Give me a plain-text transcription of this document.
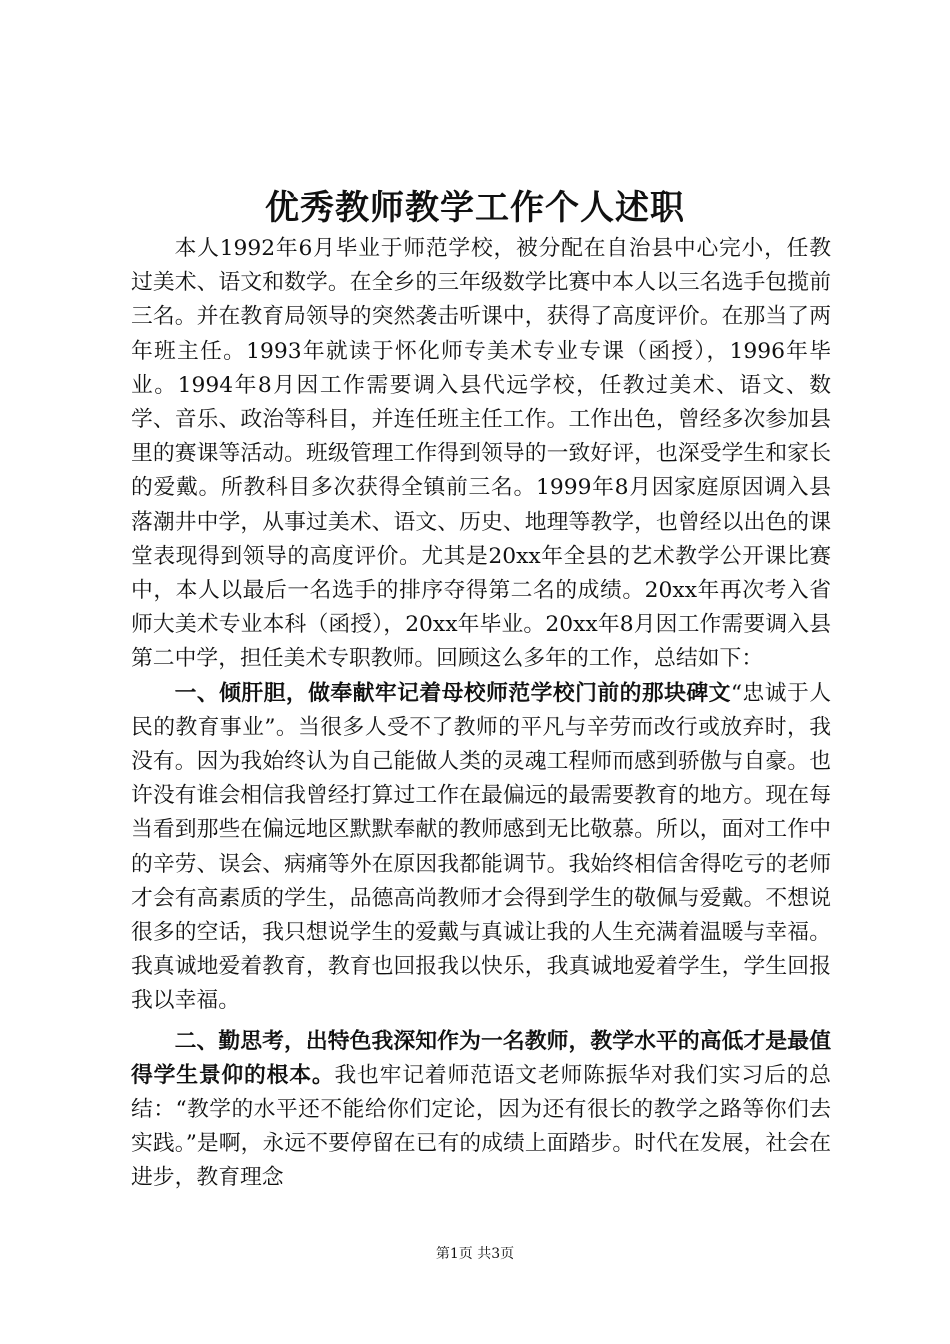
优秀教师教学工作个人述职

本人1992年6月毕业于师范学校，被分配在自治县中心完小，任教过美术、语文和数学。在全乡的三年级数学比赛中本人以三名选手包揽前三名。并在教育局领导的突然袭击听课中，获得了高度评价。在那当了两年班主任。1993年就读于怀化师专美术专业专课（函授），1996年毕业。1994年8月因工作需要调入县代远学校，任教过美术、语文、数学、音乐、政治等科目，并连任班主任工作。工作出色，曾经多次参加县里的赛课等活动。班级管理工作得到领导的一致好评，也深受学生和家长的爱戴。所教科目多次获得全镇前三名。1999年8月因家庭原因调入县落潮井中学，从事过美术、语文、历史、地理等教学，也曾经以出色的课堂表现得到领导的高度评价。尤其是20xx年全县的艺术教学公开课比赛中，本人以最后一名选手的排序夺得第二名的成绩。20xx年再次考入省师大美术专业本科（函授），20xx年毕业。20xx年8月因工作需要调入县第二中学，担任美术专职教师。回顾这么多年的工作，总结如下：

一、倾肝胆，做奉献牢记着母校师范学校门前的那块碑文“忠诚于人民的教育事业”。当很多人受不了教师的平凡与辛劳而改行或放弃时，我没有。因为我始终认为自己能做人类的灵魂工程师而感到骄傲与自豪。也许没有谁会相信我曾经打算过工作在最偏远的最需要教育的地方。现在每当看到那些在偏远地区默默奉献的教师感到无比敬慕。所以，面对工作中的辛劳、误会、病痛等外在原因我都能调节。我始终相信舍得吃亏的老师才会有高素质的学生，品德高尚教师才会得到学生的敬佩与爱戴。不想说很多的空话，我只想说学生的爱戴与真诚让我的人生充满着温暖与幸福。我真诚地爱着教育，教育也回报我以快乐，我真诚地爱着学生，学生回报我以幸福。

二、勤思考，出特色我深知作为一名教师，教学水平的高低才是最值得学生景仰的根本。我也牢记着师范语文老师陈振华对我们实习后的总结：“教学的水平还不能给你们定论，因为还有很长的教学之路等你们去实践。”是啊，永远不要停留在已有的成绩上面踏步。时代在发展，社会在进步，教育理念

第1页 共3页
